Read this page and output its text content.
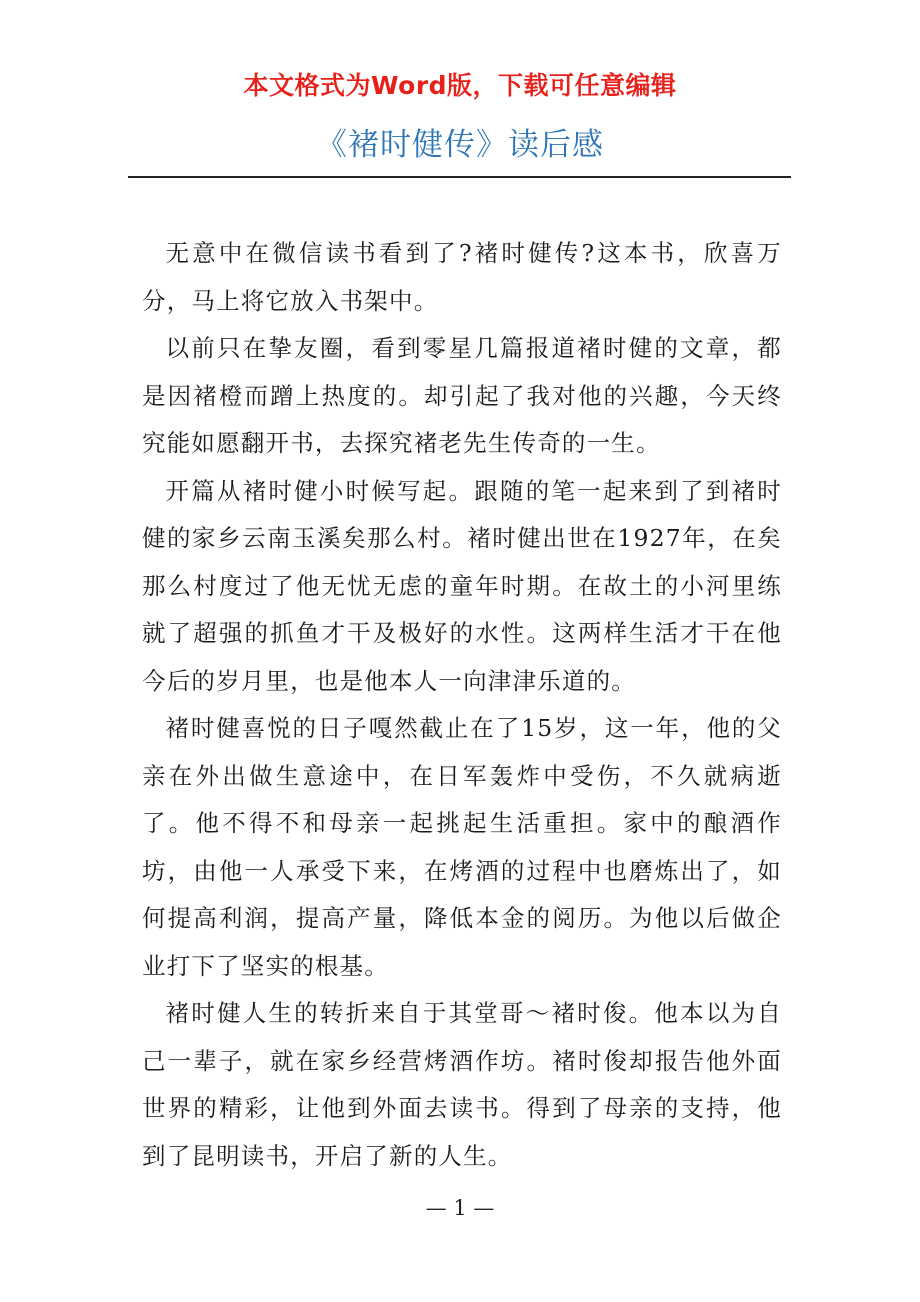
本文格式为Word版，下载可任意编辑
《褚时健传》读后感

无意中在微信读书看到了?褚时健传?这本书，欣喜万分，马上将它放入书架中。

以前只在挚友圈，看到零星几篇报道褚时健的文章，都是因褚橙而蹭上热度的。却引起了我对他的兴趣，今天终究能如愿翻开书，去探究褚老先生传奇的一生。

开篇从褚时健小时候写起。跟随的笔一起来到了到褚时健的家乡云南玉溪矣那么村。褚时健出世在1927年，在矣那么村度过了他无忧无虑的童年时期。在故土的小河里练就了超强的抓鱼才干及极好的水性。这两样生活才干在他今后的岁月里，也是他本人一向津津乐道的。

褚时健喜悦的日子嘎然截止在了15岁，这一年，他的父亲在外出做生意途中，在日军轰炸中受伤，不久就病逝了。他不得不和母亲一起挑起生活重担。家中的酿酒作坊，由他一人承受下来，在烤酒的过程中也磨炼出了，如何提高利润，提高产量，降低本金的阅历。为他以后做企业打下了坚实的根基。

褚时健人生的转折来自于其堂哥～褚时俊。他本以为自己一辈子，就在家乡经营烤酒作坊。褚时俊却报告他外面世界的精彩，让他到外面去读书。得到了母亲的支持，他到了昆明读书，开启了新的人生。

— 1 —
